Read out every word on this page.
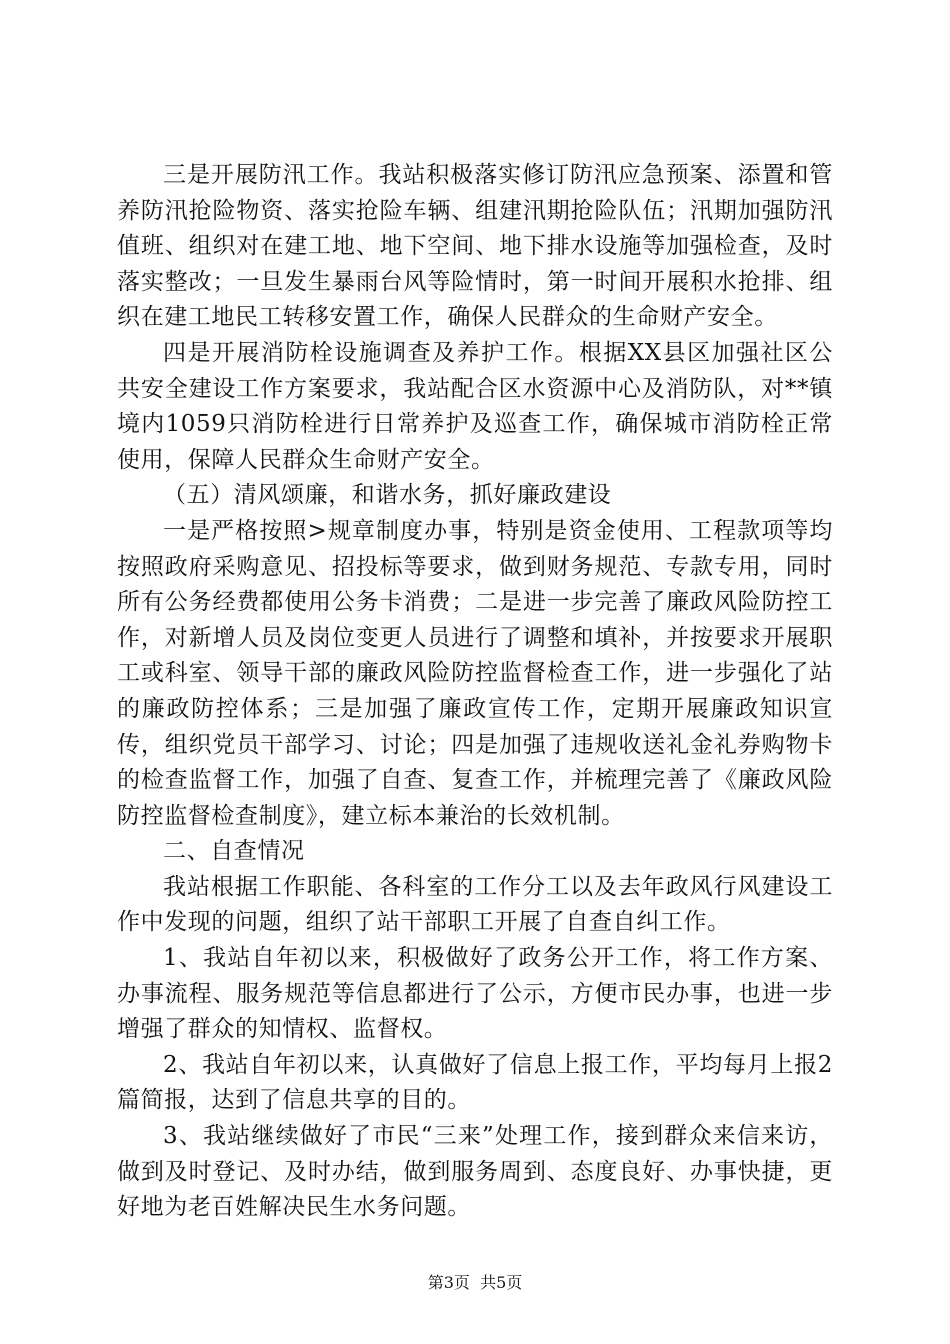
三是开展防汛工作。我站积极落实修订防汛应急预案、添置和管养防汛抢险物资、落实抢险车辆、组建汛期抢险队伍；汛期加强防汛值班、组织对在建工地、地下空间、地下排水设施等加强检查，及时落实整改；一旦发生暴雨台风等险情时，第一时间开展积水抢排、组织在建工地民工转移安置工作，确保人民群众的生命财产安全。

四是开展消防栓设施调查及养护工作。根据XX县区加强社区公共安全建设工作方案要求，我站配合区水资源中心及消防队，对**镇境内1059只消防栓进行日常养护及巡查工作，确保城市消防栓正常使用，保障人民群众生命财产安全。

（五）清风颂廉，和谐水务，抓好廉政建设

一是严格按照>规章制度办事，特别是资金使用、工程款项等均按照政府采购意见、招投标等要求，做到财务规范、专款专用，同时所有公务经费都使用公务卡消费；二是进一步完善了廉政风险防控工作，对新增人员及岗位变更人员进行了调整和填补，并按要求开展职工或科室、领导干部的廉政风险防控监督检查工作，进一步强化了站的廉政防控体系；三是加强了廉政宣传工作，定期开展廉政知识宣传，组织党员干部学习、讨论；四是加强了违规收送礼金礼券购物卡的检查监督工作，加强了自查、复查工作，并梳理完善了《廉政风险防控监督检查制度》，建立标本兼治的长效机制。

二、自查情况

我站根据工作职能、各科室的工作分工以及去年政风行风建设工作中发现的问题，组织了站干部职工开展了自查自纠工作。

1、我站自年初以来，积极做好了政务公开工作，将工作方案、办事流程、服务规范等信息都进行了公示，方便市民办事，也进一步增强了群众的知情权、监督权。

2、我站自年初以来，认真做好了信息上报工作，平均每月上报2篇简报，达到了信息共享的目的。

3、我站继续做好了市民“三来”处理工作，接到群众来信来访，做到及时登记、及时办结，做到服务周到、态度良好、办事快捷，更好地为老百姓解决民生水务问题。

第3页  共5页
